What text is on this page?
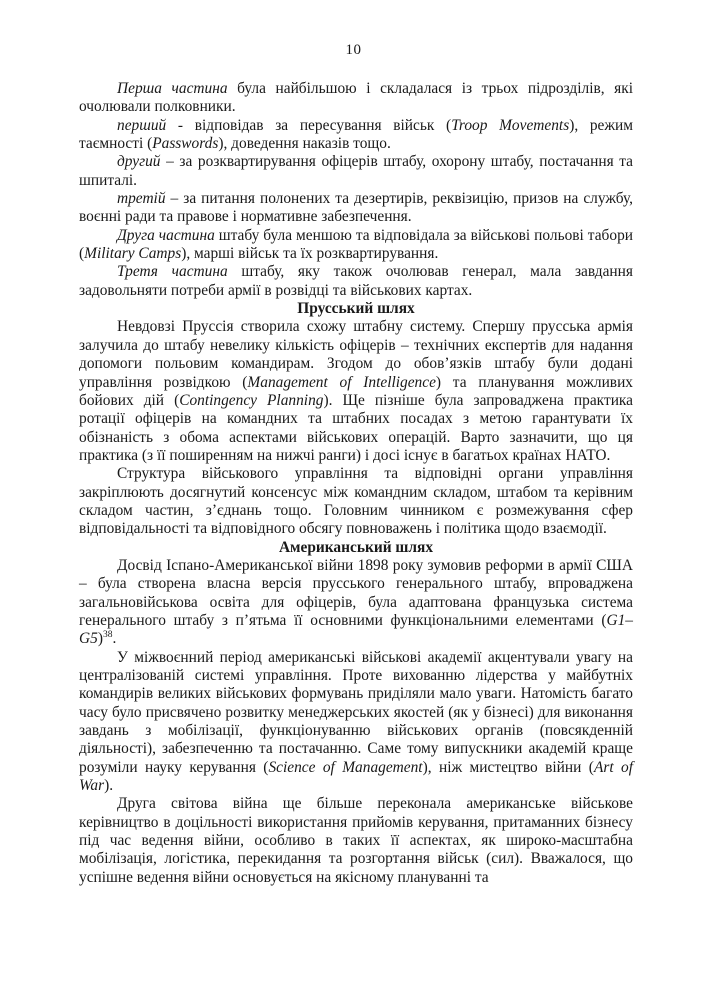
10

Перша частина була найбільшою і складалася із трьох підрозділів, які очолювали полковники.

перший - відповідав за пересування військ (Troop Movements), режим таємності (Passwords), доведення наказів тощо.

другий – за розквартирування офіцерів штабу, охорону штабу, постачання та шпиталі.

третій – за питання полонених та дезертирів, реквізицію, призов на службу, воєнні ради та правове і нормативне забезпечення.

Друга частина штабу була меншою та відповідала за військові польові табори (Military Camps), марші військ та їх розквартирування.

Третя частина штабу, яку також очолював генерал, мала завдання задовольняти потреби армії в розвідці та військових картах.

Прусський шлях

Невдовзі Пруссія створила схожу штабну систему. Спершу прусська армія залучила до штабу невелику кількість офіцерів – технічних експертів для надання допомоги польовим командирам. Згодом до обов’язків штабу були додані управління розвідкою (Management of Intelligence) та планування можливих бойових дій (Contingency Planning). Ще пізніше була запроваджена практика ротації офіцерів на командних та штабних посадах з метою гарантувати їх обізнаність з обома аспектами військових операцій. Варто зазначити, що ця практика (з її поширенням на нижчі ранги) і досі існує в багатьох країнах НАТО.

Структура військового управління та відповідні органи управління закріплюють досягнутий консенсус між командним складом, штабом та керівним складом частин, з’єднань тощо. Головним чинником є розмежування сфер відповідальності та відповідного обсягу повноважень і політика щодо взаємодії.

Американський шлях

Досвід Іспано-Американської війни 1898 року зумовив реформи в армії США – була створена власна версія прусського генерального штабу, впроваджена загальновійськова освіта для офіцерів, була адаптована французька система генерального штабу з п’ятьма її основними функціональними елементами $(G1-G5)^{38}$.

У міжвоєнний період американські військові академії акцентували увагу на централізованій системі управління. Проте вихованню лідерства у майбутніх командирів великих військових формувань приділяли мало уваги. Натомість багато часу було присвячено розвитку менеджерських якостей (як у бізнесі) для виконання завдань з мобілізації, функціонуванню військових органів (повсякденній діяльності), забезпеченню та постачанню. Саме тому випускники академій краще розуміли науку керування (Science of Management), ніж мистецтво війни (Art of War).

Друга світова війна ще більше переконала американське військове керівництво в доцільності використання прийомів керування, притаманних бізнесу під час ведення війни, особливо в таких її аспектах, як широко-масштабна мобілізація, логістика, перекидання та розгортання військ (сил). Вважалося, що успішне ведення війни основується на якісному плануванні та
